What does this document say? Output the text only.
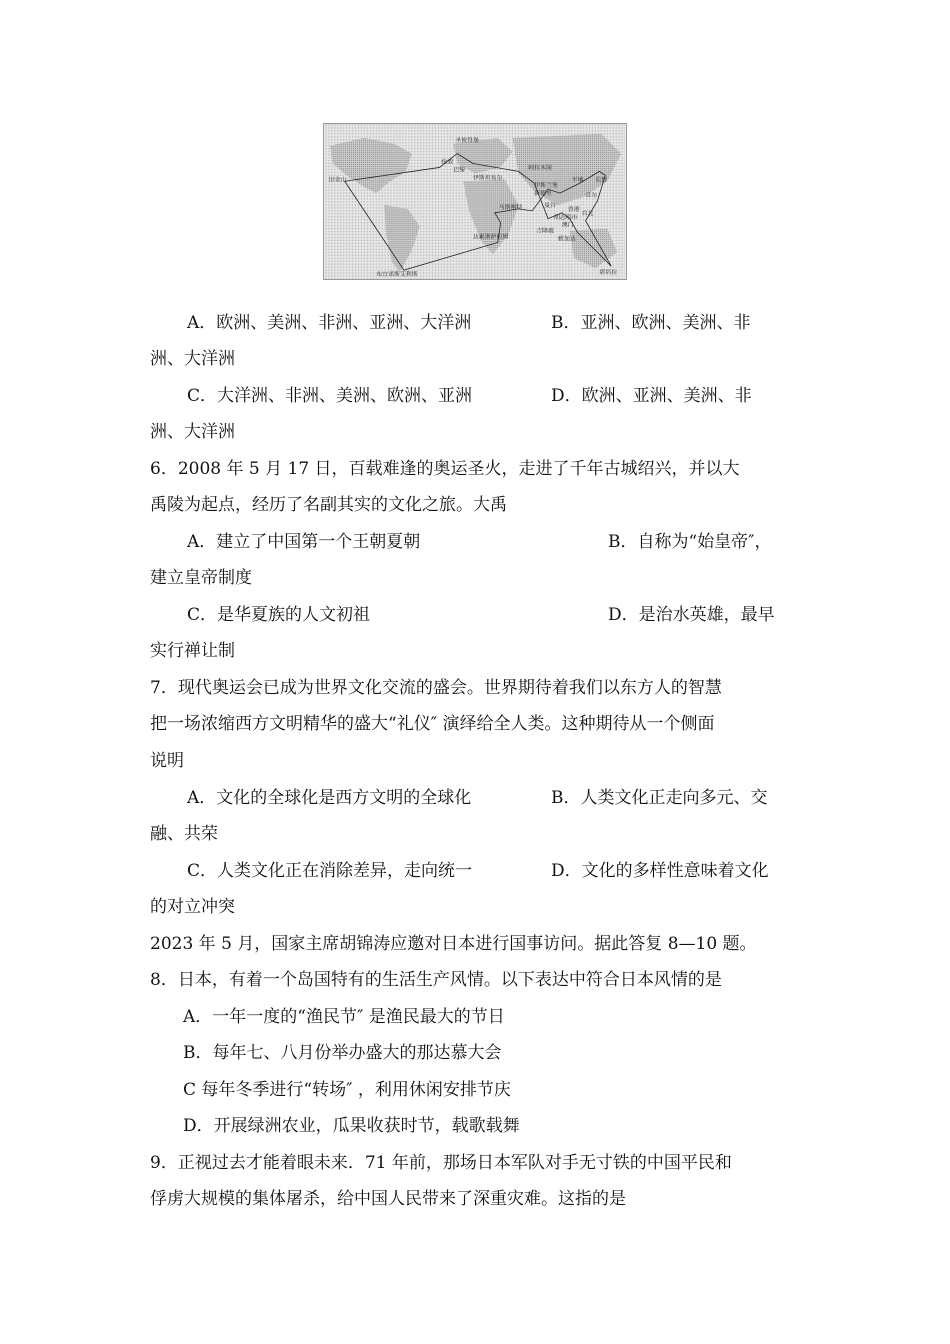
圣彼得堡
伦敦
巴黎
伊斯坦布尔
阿拉木图
旧金山
伊斯兰堡
新德里
曼谷
吉隆坡
雅加达
堪培拉
长野
首尔
平壤
胡志明市
澳门
香港
达累斯萨拉姆
布宜诺斯艾利斯
马斯喀特
台北
A．欧洲、美洲、非洲、亚洲、大洋洲	B．亚洲、欧洲、美洲、非
洲、大洋洲
C．大洋洲、非洲、美洲、欧洲、亚洲	D．欧洲、亚洲、美洲、非
洲、大洋洲
6．2008 年 5 月 17 日，百载难逢的奥运圣火，走进了千年古城绍兴，并以大
禹陵为起点，经历了名副其实的文化之旅。大禹
A．建立了中国第一个王朝夏朝	B．自称为“始皇帝″，
建立皇帝制度
C．是华夏族的人文初祖	D．是治水英雄，最早
实行禅让制
7．现代奥运会已成为世界文化交流的盛会。世界期待着我们以东方人的智慧
把一场浓缩西方文明精华的盛大“礼仪″ 演绎给全人类。这种期待从一个侧面
说明
A．文化的全球化是西方文明的全球化	B．人类文化正走向多元、交
融、共荣
C．人类文化正在消除差异，走向统一	D．文化的多样性意味着文化
的对立冲突
2023 年 5 月，国家主席胡锦涛应邀对日本进行国事访问。据此答复 8—10 题。
8．日本，有着一个岛国特有的生活生产风情。以下表达中符合日本风情的是
A．一年一度的“渔民节″ 是渔民最大的节日
B．每年七、八月份举办盛大的那达慕大会
C 每年冬季进行“转场″ ，利用休闲安排节庆
D．开展绿洲农业，瓜果收获时节，载歌载舞
9．正视过去才能着眼未来．71 年前，那场日本军队对手无寸铁的中国平民和
俘虏大规模的集体屠杀，给中国人民带来了深重灾难。这指的是
